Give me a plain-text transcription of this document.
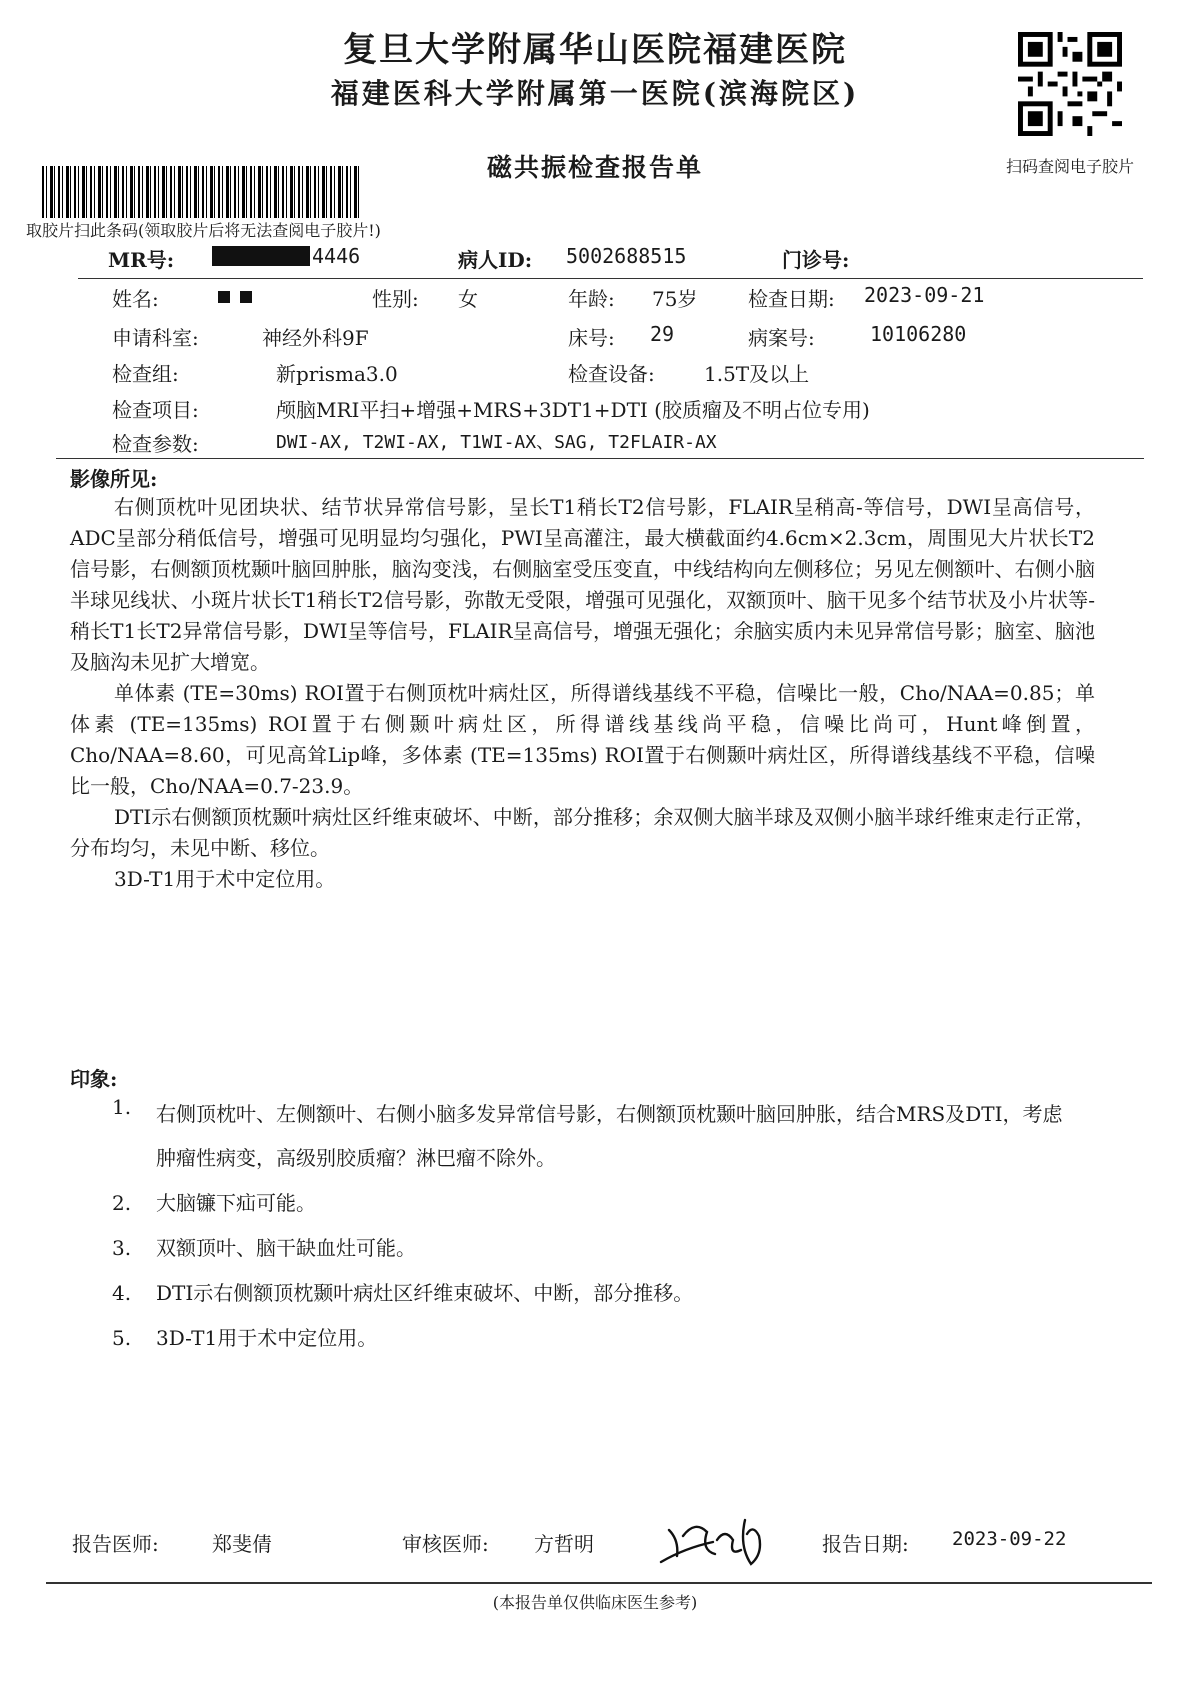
复旦大学附属华山医院福建医院
福建医科大学附属第一医院(滨海院区)
扫码查阅电子胶片
磁共振检查报告单
取胶片扫此条码(领取胶片后将无法查阅电子胶片!)
MR号:	4446	病人ID: 5002688515	门诊号:
姓名:	性别: 女	年龄: 75岁	检查日期: 2023-09-21
申请科室:	神经外科9F	床号: 29	病案号:	10106280
检查组:	新prisma3.0	检查设备: 1.5T及以上
检查项目:	颅脑MRI平扫+增强+MRS+3DT1+DTI (胶质瘤及不明占位专用)
检查参数:	DWI-AX, T2WI-AX, T1WI-AX、SAG, T2FLAIR-AX
影像所见:

右侧顶枕叶见团块状、结节状异常信号影，呈长T1稍长T2信号影，FLAIR呈稍高-等信号，DWI呈高信号，ADC呈部分稍低信号，增强可见明显均匀强化，PWI呈高灌注，最大横截面约4.6cm×2.3cm，周围见大片状长T2信号影，右侧额顶枕颞叶脑回肿胀，脑沟变浅，右侧脑室受压变直，中线结构向左侧移位；另见左侧额叶、右侧小脑半球见线状、小斑片状长T1稍长T2信号影，弥散无受限，增强可见强化，双额顶叶、脑干见多个结节状及小片状等-稍长T1长T2异常信号影，DWI呈等信号，FLAIR呈高信号，增强无强化；余脑实质内未见异常信号影；脑室、脑池及脑沟未见扩大增宽。

单体素 (TE=30ms) ROI置于右侧顶枕叶病灶区，所得谱线基线不平稳，信噪比一般，Cho/NAA=0.85；单体素 (TE=135ms) ROI置于右侧颞叶病灶区，所得谱线基线尚平稳，信噪比尚可，Hunt峰倒置，Cho/NAA=8.60，可见高耸Lip峰，多体素 (TE=135ms) ROI置于右侧颞叶病灶区，所得谱线基线不平稳，信噪比一般，Cho/NAA=0.7-23.9。

DTI示右侧额顶枕颞叶病灶区纤维束破坏、中断，部分推移；余双侧大脑半球及双侧小脑半球纤维束走行正常，分布均匀，未见中断、移位。

3D-T1用于术中定位用。

印象:
1. 右侧顶枕叶、左侧额叶、右侧小脑多发异常信号影，右侧额顶枕颞叶脑回肿胀，结合MRS及DTI，考虑肿瘤性病变，高级别胶质瘤？淋巴瘤不除外。
2. 大脑镰下疝可能。
3. 双额顶叶、脑干缺血灶可能。
4. DTI示右侧额顶枕颞叶病灶区纤维束破坏、中断，部分推移。
5. 3D-T1用于术中定位用。
报告医师:	郑斐倩	审核医师: 方哲明	报告日期: 2023-09-22
(本报告单仅供临床医生参考)
